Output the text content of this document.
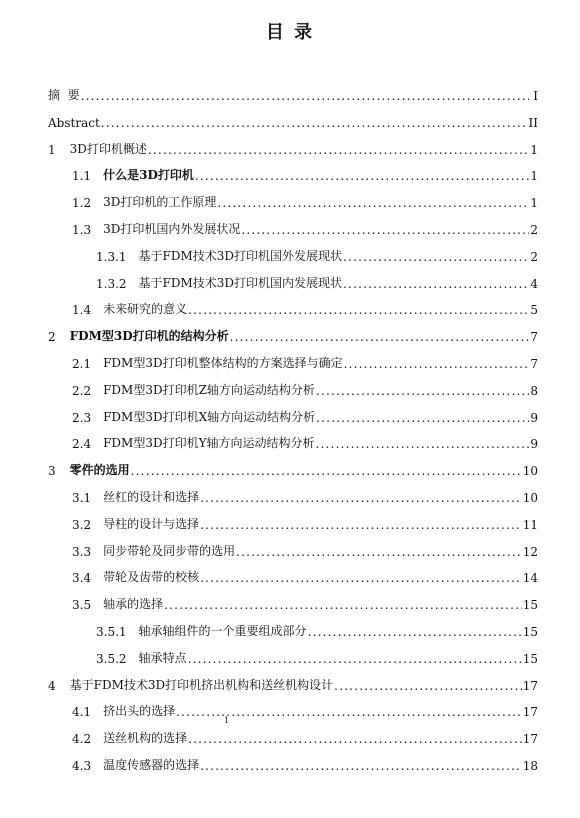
目 录
摘  要 .....	I
Abstract .....	II
1 3D打印机概述 .....	1
1.1 什么是3D打印机 .....	1
1.2 3D打印机的工作原理 .....	1
1.3 3D打印机国内外发展状况 .....	2
1.3.1 基于FDM技术3D打印机国外发展现状 .....	2
1.3.2 基于FDM技术3D打印机国内发展现状 .....	4
1.4 未来研究的意义 .....	5
2 FDM型3D打印机的结构分析 .....	7
2.1 FDM型3D打印机整体结构的方案选择与确定 .....	7
2.2 FDM型3D打印机Z轴方向运动结构分析 .....	8
2.3 FDM型3D打印机X轴方向运动结构分析 .....	9
2.4 FDM型3D打印机Y轴方向运动结构分析 .....	9
3 零件的选用 .....	10
3.1 丝杠的设计和选择 .....	10
3.2 导柱的设计与选择 .....	11
3.3 同步带轮及同步带的选用 .....	12
3.4 带轮及齿带的校核 .....	14
3.5 轴承的选择 .....	15
3.5.1 轴承轴组件的一个重要组成部分 .....	15
3.5.2 轴承特点 .....	15
4 基于FDM技术3D打印机挤出机构和送丝机构设计 .....	17
4.1 挤出头的选择 .....	17
4.2 送丝机构的选择 .....	17
4.3 温度传感器的选择 .....	18
1
